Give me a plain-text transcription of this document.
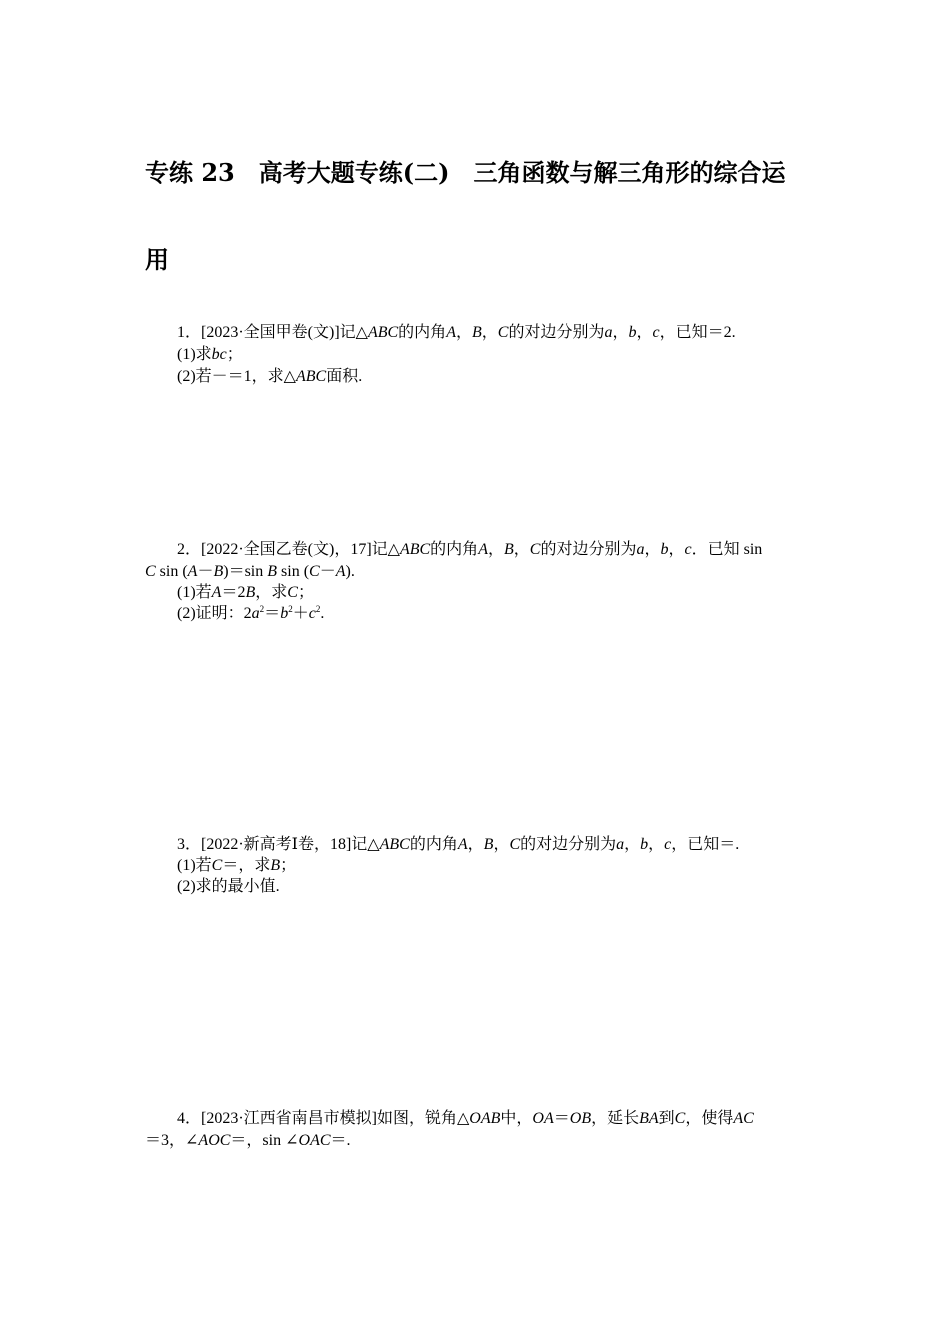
专练 23　高考大题专练(二)　三角函数与解三角形的综合运
用
1．[2023·全国甲卷(文)]记△ABC的内角A，B，C的对边分别为a，b，c，已知＝2.
(1)求bc；
(2)若－＝1，求△ABC面积.
2．[2022·全国乙卷(文)，17]记△ABC的内角A，B，C的对边分别为a，b，c．已知 sin
C sin (A－B)＝sin B sin (C－A).
(1)若A＝2B，求C；
(2)证明：$2a^2=b^2+c^2$.
3．[2022·新高考Ⅰ卷，18]记△ABC的内角A，B，C的对边分别为a，b，c，已知＝.
(1)若C＝，求B；
(2)求的最小值.
4．[2023·江西省南昌市模拟]如图，锐角△OAB中，OA＝OB，延长BA到C，使得AC
＝3，∠AOC＝，sin ∠OAC＝.
